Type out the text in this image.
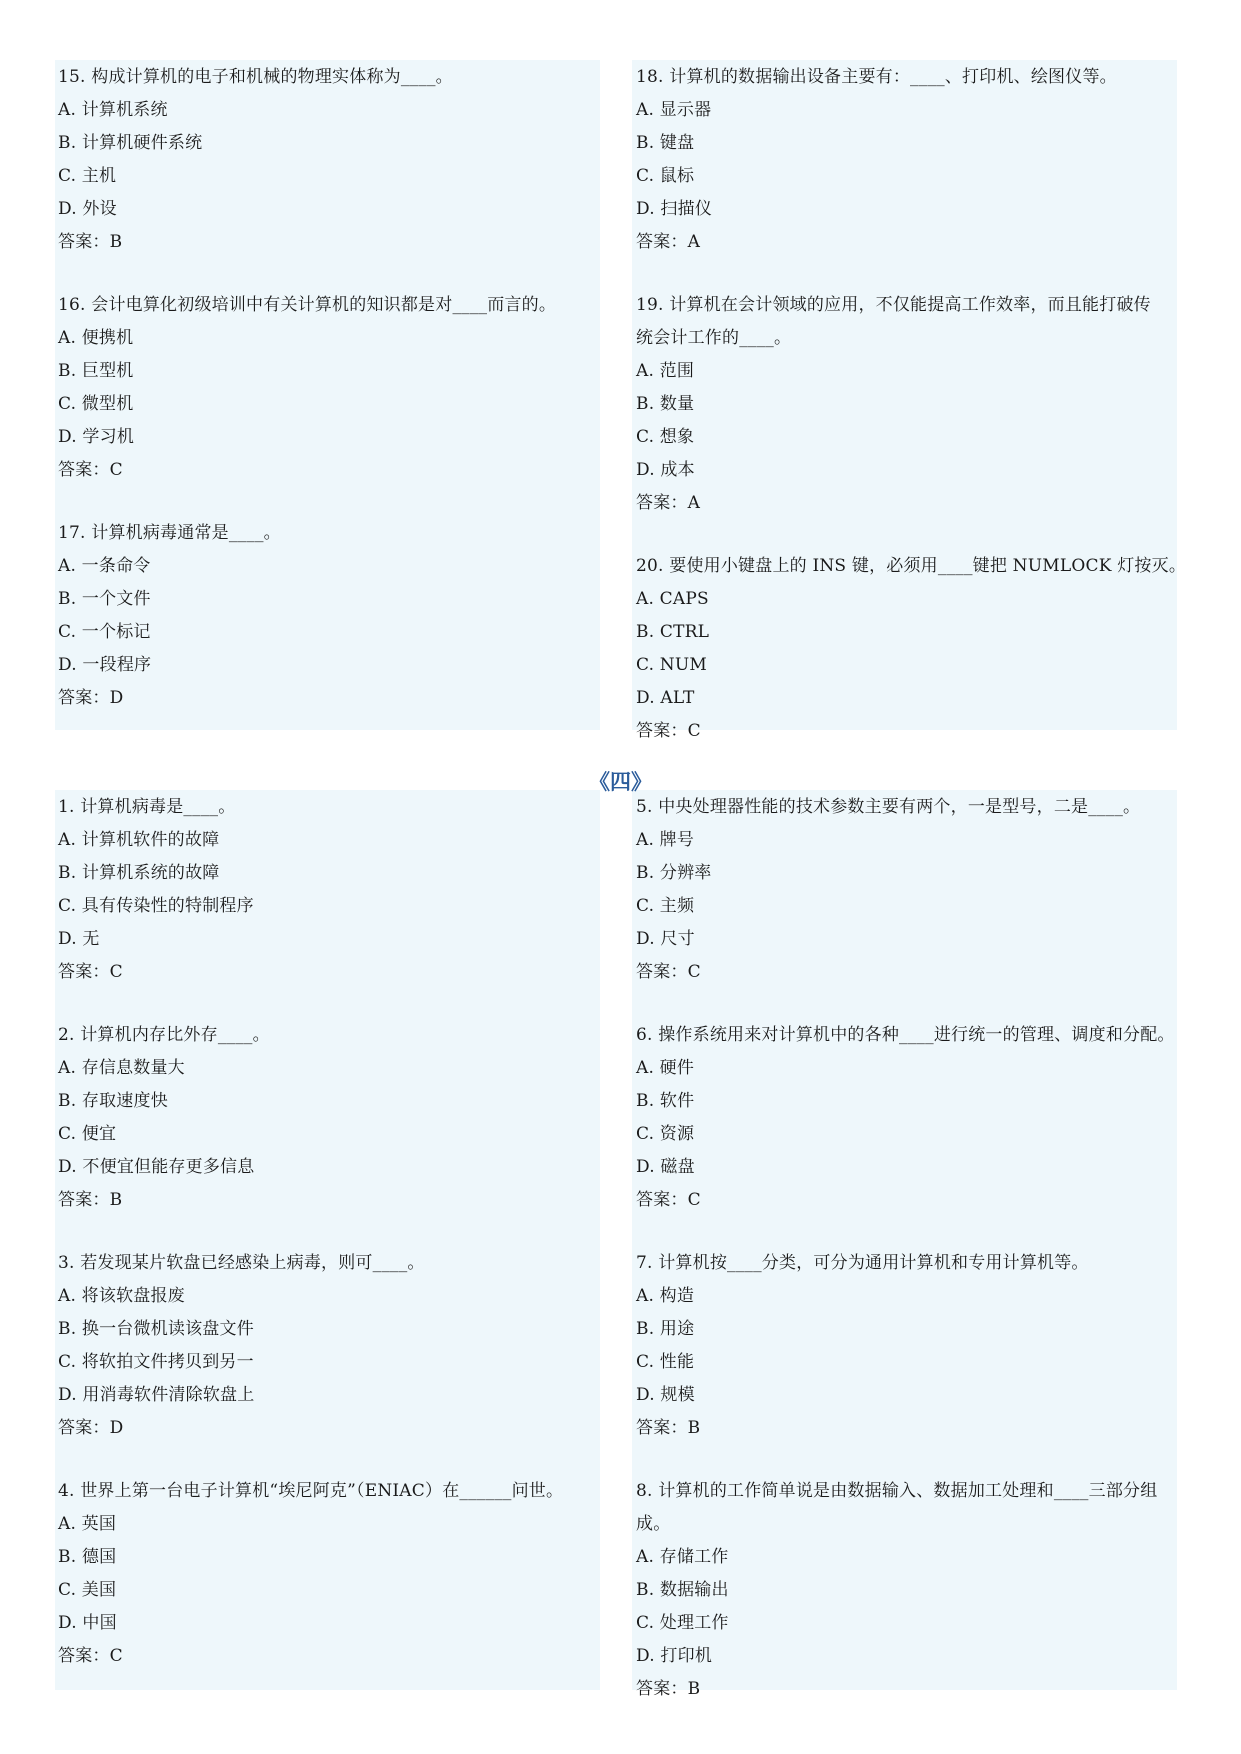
《四》
15. 构成计算机的电子和机械的物理实体称为____。
A. 计算机系统
B. 计算机硬件系统
C. 主机
D. 外设
答案：B
16. 会计电算化初级培训中有关计算机的知识都是对____而言的。
A. 便携机
B. 巨型机
C. 微型机
D. 学习机
答案：C
17. 计算机病毒通常是____。
A. 一条命令
B. 一个文件
C. 一个标记
D. 一段程序
答案：D
18. 计算机的数据输出设备主要有：____、打印机、绘图仪等。
A. 显示器
B. 键盘
C. 鼠标
D. 扫描仪
答案：A
19. 计算机在会计领域的应用，不仅能提高工作效率，而且能打破传
统会计工作的____。
A. 范围
B. 数量
C. 想象
D. 成本
答案：A
20. 要使用小键盘上的 INS 键，必须用____键把 NUMLOCK 灯按灭。
A. CAPS
B. CTRL
C. NUM
D. ALT
答案：C
1. 计算机病毒是____。
A. 计算机软件的故障
B. 计算机系统的故障
C. 具有传染性的特制程序
D. 无
答案：C
2. 计算机内存比外存____。
A. 存信息数量大
B. 存取速度快
C. 便宜
D. 不便宜但能存更多信息
答案：B
3. 若发现某片软盘已经感染上病毒，则可____。
A. 将该软盘报废
B. 换一台微机读该盘文件
C. 将软拍文件拷贝到另一
D. 用消毒软件清除软盘上
答案：D
4. 世界上第一台电子计算机“埃尼阿克”（ENIAC）在______问世。
A. 英国
B. 德国
C. 美国
D. 中国
答案：C
5. 中央处理器性能的技术参数主要有两个，一是型号，二是____。
A. 牌号
B. 分辨率
C. 主频
D. 尺寸
答案：C
6. 操作系统用来对计算机中的各种____进行统一的管理、调度和分配。
A. 硬件
B. 软件
C. 资源
D. 磁盘
答案：C
7. 计算机按____分类，可分为通用计算机和专用计算机等。
A. 构造
B. 用途
C. 性能
D. 规模
答案：B
8. 计算机的工作简单说是由数据输入、数据加工处理和____三部分组
成。
A. 存储工作
B. 数据输出
C. 处理工作
D. 打印机
答案：B
